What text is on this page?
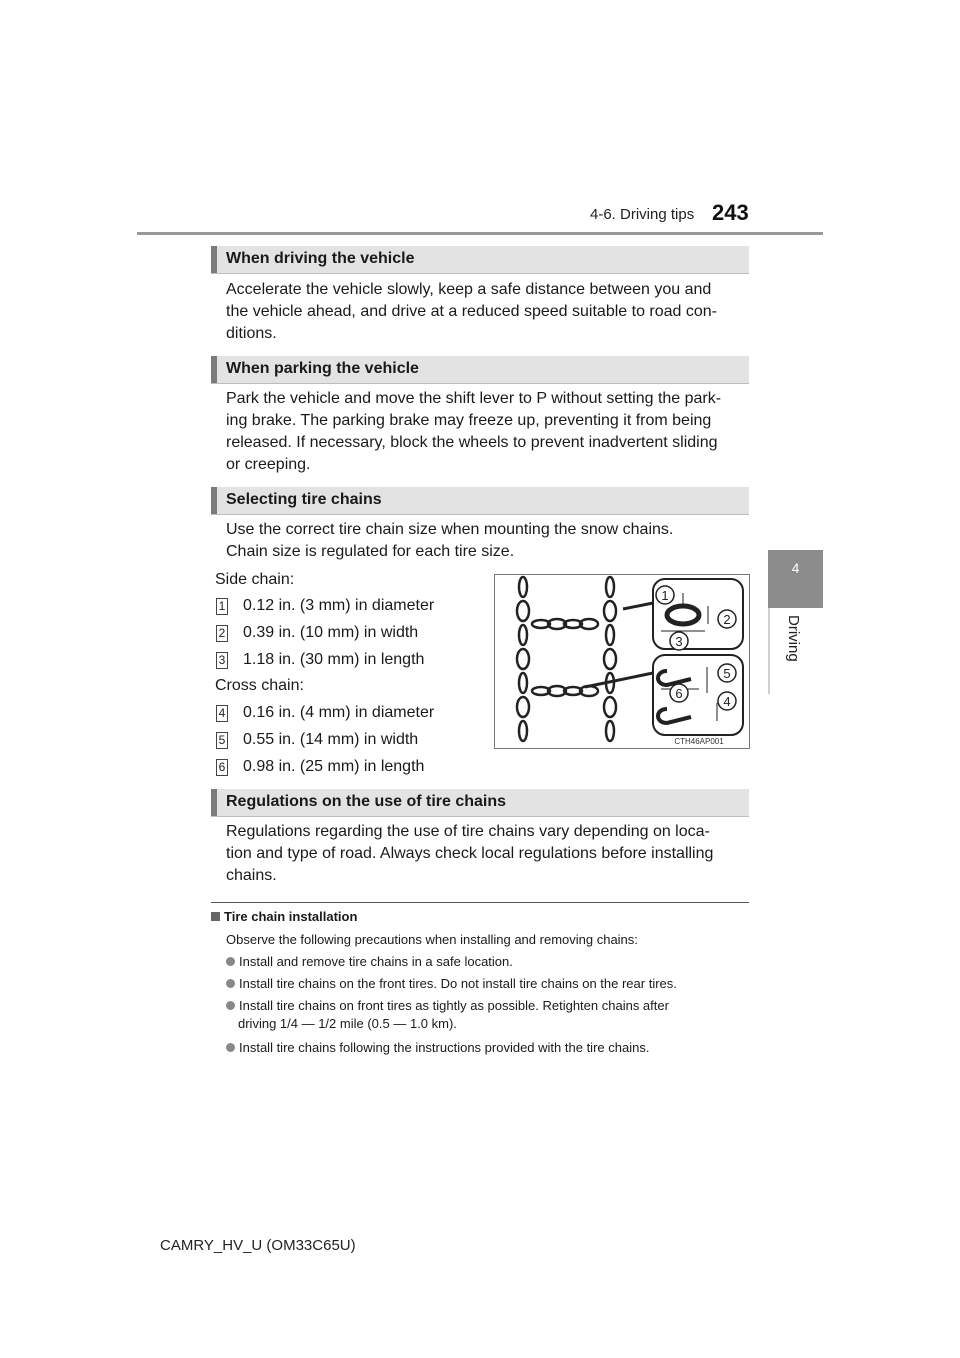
4-6. Driving tips 243
4
Driving
When driving the vehicle
Accelerate the vehicle slowly, keep a safe distance between you and
the vehicle ahead, and drive at a reduced speed suitable to road con-
ditions.
When parking the vehicle
Park the vehicle and move the shift lever to P without setting the park-
ing brake. The parking brake may freeze up, preventing it from being
released. If necessary, block the wheels to prevent inadvertent sliding
or creeping.
Selecting tire chains
Use the correct tire chain size when mounting the snow chains.
Chain size is regulated for each tire size.
Side chain:
1 0.12 in. (3 mm) in diameter
2 0.39 in. (10 mm) in width
3 1.18 in. (30 mm) in length
Cross chain:
4 0.16 in. (4 mm) in diameter
5 0.55 in. (14 mm) in width
6 0.98 in. (25 mm) in length
1
2
3
5
6
4
CTH46AP001
Regulations on the use of tire chains
Regulations regarding the use of tire chains vary depending on loca-
tion and type of road. Always check local regulations before installing
chains.
Tire chain installation
Observe the following precautions when installing and removing chains:
Install and remove tire chains in a safe location.
Install tire chains on the front tires. Do not install tire chains on the rear tires.
Install tire chains on front tires as tightly as possible. Retighten chains after
driving 1/4 — 1/2 mile (0.5 — 1.0 km).
Install tire chains following the instructions provided with the tire chains.
CAMRY_HV_U (OM33C65U)
